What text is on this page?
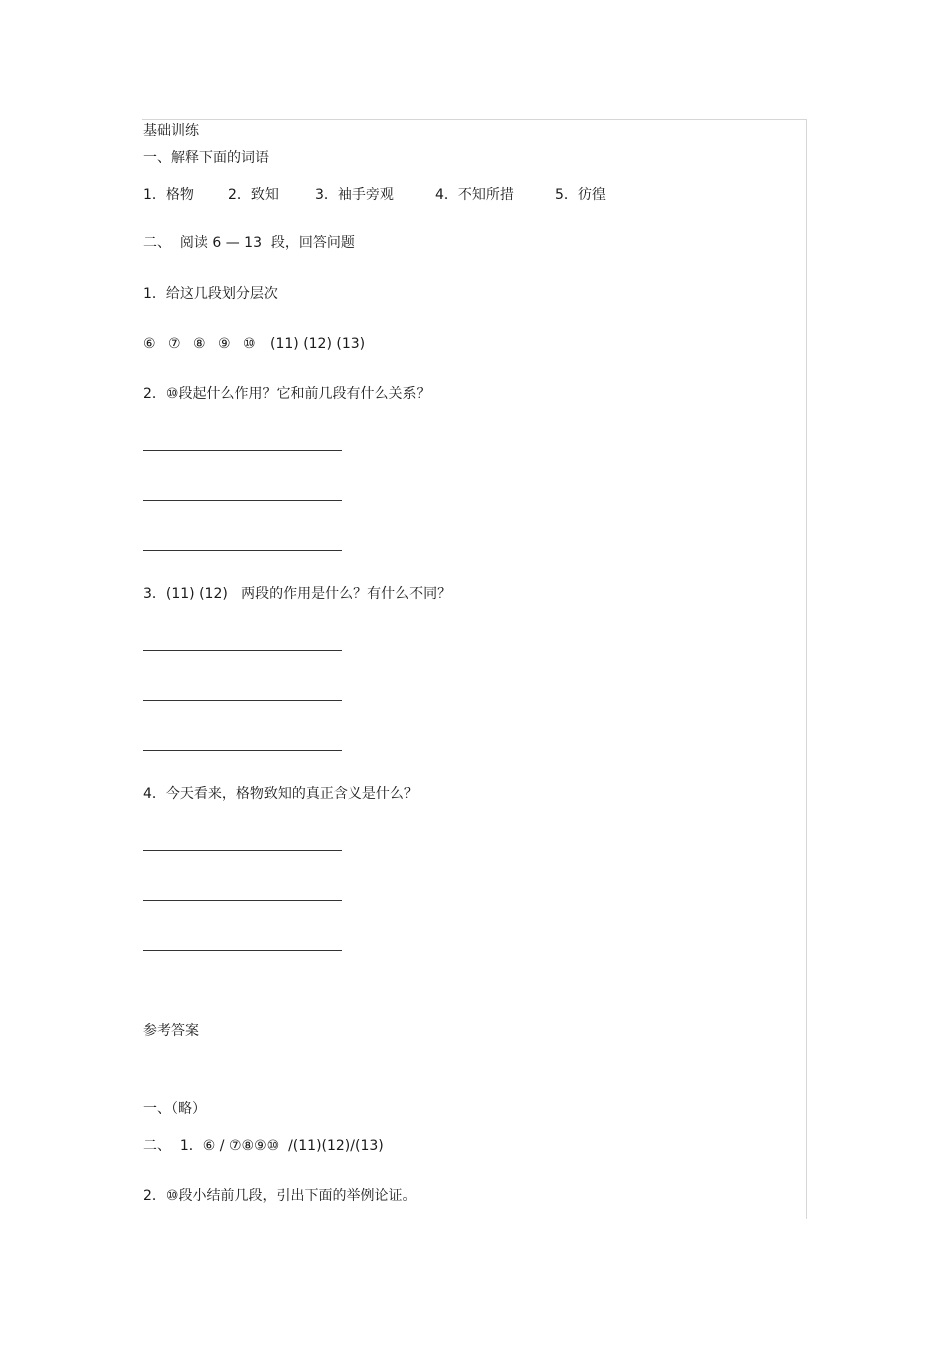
基础训练
一、解释下面的词语
1．格物 2．致知	3．袖手旁观	4．不知所措	5．彷徨
二、  阅读 6 — 13  段，回答问题
1．给这几段划分层次
⑥ ⑦ ⑧ ⑨ ⑩ (11) (12) (13)
2．⑩段起什么作用？它和前几段有什么关系？
3．(11) (12)   两段的作用是什么？有什么不同？
4．今天看来，格物致知的真正含义是什么？
参考答案
一、（略）
二、  1．⑥ / ⑦⑧⑨⑩  /(11)(12)/(13)
2．⑩段小结前几段，引出下面的举例论证。
